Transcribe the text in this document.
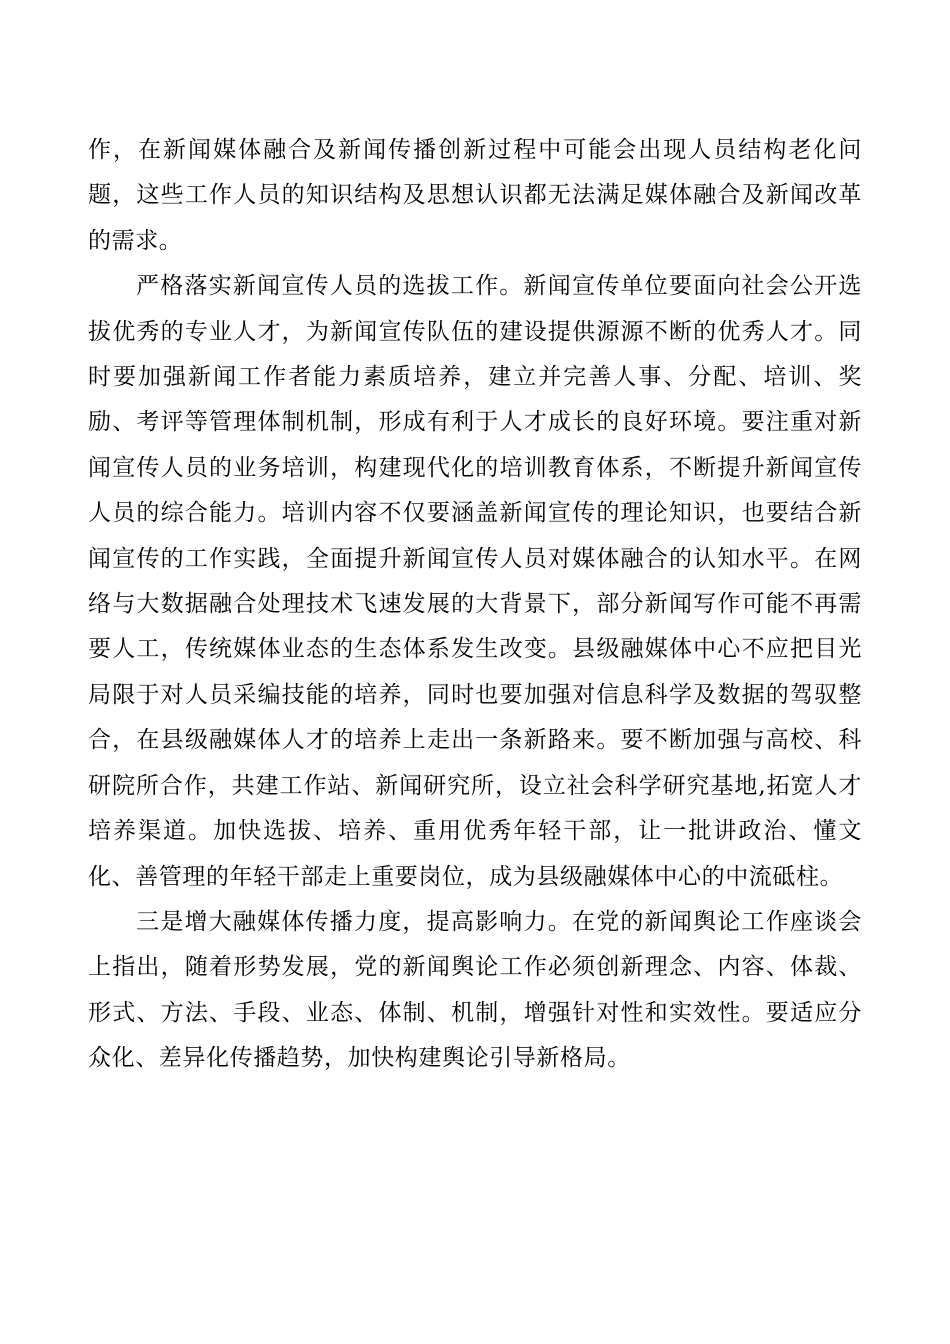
作，在新闻媒体融合及新闻传播创新过程中可能会出现人员结构老化问题，这些工作人员的知识结构及思想认识都无法满足媒体融合及新闻改革的需求。

严格落实新闻宣传人员的选拔工作。新闻宣传单位要面向社会公开选拔优秀的专业人才，为新闻宣传队伍的建设提供源源不断的优秀人才。同时要加强新闻工作者能力素质培养，建立并完善人事、分配、培训、奖励、考评等管理体制机制，形成有利于人才成长的良好环境。要注重对新闻宣传人员的业务培训，构建现代化的培训教育体系，不断提升新闻宣传人员的综合能力。培训内容不仅要涵盖新闻宣传的理论知识，也要结合新闻宣传的工作实践，全面提升新闻宣传人员对媒体融合的认知水平。在网络与大数据融合处理技术飞速发展的大背景下，部分新闻写作可能不再需要人工，传统媒体业态的生态体系发生改变。县级融媒体中心不应把目光局限于对人员采编技能的培养，同时也要加强对信息科学及数据的驾驭整合，在县级融媒体人才的培养上走出一条新路来。要不断加强与高校、科研院所合作，共建工作站、新闻研究所，设立社会科学研究基地,拓宽人才培养渠道。加快选拔、培养、重用优秀年轻干部，让一批讲政治、懂文化、善管理的年轻干部走上重要岗位，成为县级融媒体中心的中流砥柱。

三是增大融媒体传播力度，提高影响力。在党的新闻舆论工作座谈会上指出，随着形势发展，党的新闻舆论工作必须创新理念、内容、体裁、形式、方法、手段、业态、体制、机制，增强针对性和实效性。要适应分众化、差异化传播趋势，加快构建舆论引导新格局。
